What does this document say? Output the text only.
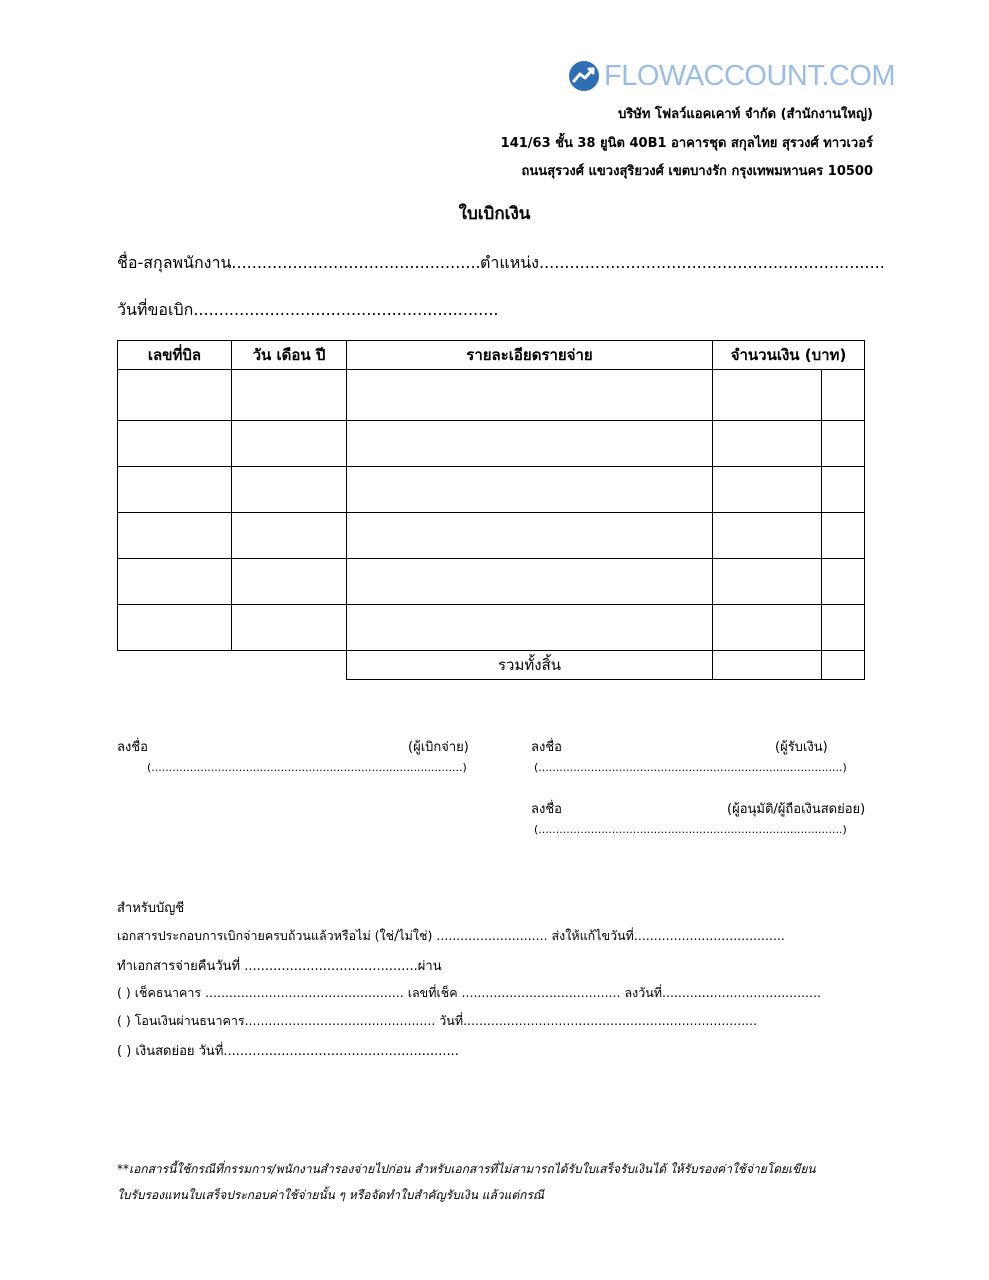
FLOWACCOUNT.COM
บริษัท โฟลว์แอคเคาท์ จำกัด (สำนักงานใหญ่)
141/63 ชั้น 38 ยูนิต 40B1 อาคารชุด สกุลไทย สุรวงศ์ ทาวเวอร์
ถนนสุรวงศ์ แขวงสุริยวงศ์ เขตบางรัก กรุงเทพมหานคร 10500
ใบเบิกเงิน
ชื่อ-สกุลพนักงาน................................................. ตำแหน่ง....................................................................
วันที่ขอเบิก............................................................
เลขที่บิล	วัน เดือน ปี	รายละเอียดรายจ่าย	จำนวนเงิน (บาท)	

		รวมทั้งสิ้น		
ลงชื่อ	(ผู้เบิกจ่าย)
(.........................................................................................)
ลงชื่อ	(ผู้รับเงิน)
(.......................................................................................)
ลงชื่อ	(ผู้อนุมัติ/ผู้ถือเงินสดย่อย)
(.......................................................................................)
สำหรับบัญชี
เอกสารประกอบการเบิกจ่ายครบถ้วนแล้วหรือไม่ (ใช่/ไม่ใช่) ............................ ส่งให้แก้ไขวันที่......................................
ทำเอกสารจ่ายคืนวันที่ ..........................................ผ่าน
( ) เช็คธนาคาร .................................................. เลขที่เช็ค ........................................ ลงวันที่........................................
( ) โอนเงินผ่านธนาคาร................................................ วันที่..........................................................................
( ) เงินสดย่อย วันที่.........................................................
**เอกสารนี้ใช้กรณีที่กรรมการ/พนักงานสำรองจ่ายไปก่อน สำหรับเอกสารที่ไม่สามารถได้รับใบเสร็จรับเงินได้ ให้รับรองค่าใช้จ่ายโดยเขียน
ใบรับรองแทนใบเสร็จประกอบค่าใช้จ่ายนั้น ๆ หรือจัดทำใบสำคัญรับเงิน แล้วแต่กรณี
